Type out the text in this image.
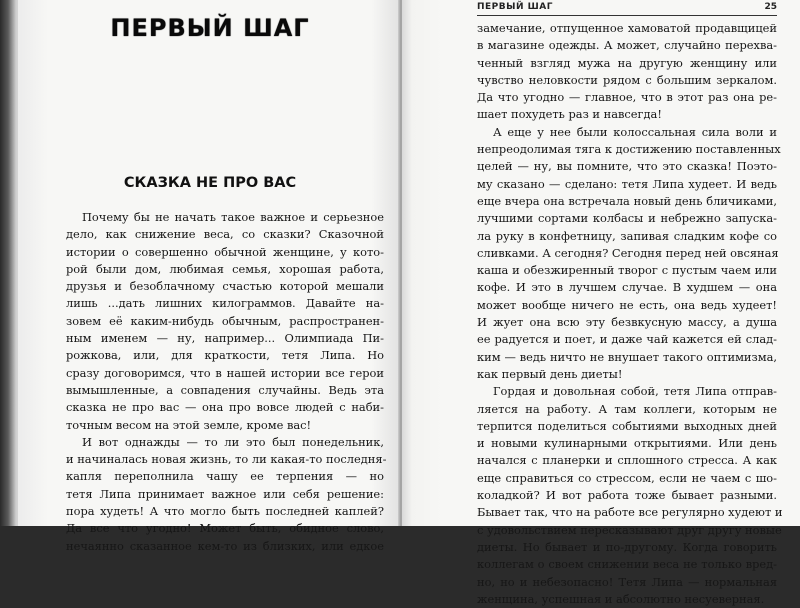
ПЕРВЫЙ ШАГ
СКАЗКА НЕ ПРО ВАС
Почему бы не начать такое важное и серьезное
дело, как снижение веса, со сказки? Сказочной
истории о совершенно обычной женщине, у кото-
рой были дом, любимая семья, хорошая работа,
друзья и безоблачному счастью которой мешали
лишь ...дать лишних килограммов. Давайте на-
зовем её каким-нибудь обычным, распространен-
ным именем — ну, например... Олимпиада Пи-
рожкова, или, для краткости, тетя Липа. Но
сразу договоримся, что в нашей истории все герои
вымышленные, а совпадения случайны. Ведь эта
сказка не про вас — она про вовсе людей с наби-
точным весом на этой земле, кроме вас!
И вот однажды — то ли это был понедельник,
и начиналась новая жизнь, то ли какая-то последня-
капля переполнила чашу ее терпения — но
тетя Липа принимает важное или себя решение:
пора худеть! А что могло быть последней каплей?
Да все что угодно! Может быть, обидное слово,
нечаянно сказанное кем-то из близких, или едкое
ПЕРВЫЙ ШАГ	25
замечание, отпущенное хамоватой продавщицей
в магазине одежды. А может, случайно перехва-
ченный взгляд мужа на другую женщину или
чувство неловкости рядом с большим зеркалом.
Да что угодно — главное, что в этот раз она ре-
шает похудеть раз и навсегда!
А еще у нее были колоссальная сила воли и
непреодолимая тяга к достижению поставленных
целей — ну, вы помните, что это сказка! Поэто-
му сказано — сделано: тетя Липа худеет. И ведь
еще вчера она встречала новый день бличиками,
лучшими сортами колбасы и небрежно запуска-
ла руку в конфетницу, запивая сладким кофе со
сливками. А сегодня? Сегодня перед ней овсяная
каша и обезжиренный творог с пустым чаем или
кофе. И это в лучшем случае. В худшем — она
может вообще ничего не есть, она ведь худеет!
И жует она всю эту безвкусную массу, а душа
ее радуется и поет, и даже чай кажется ей слад-
ким — ведь ничто не внушает такого оптимизма,
как первый день диеты!
Гордая и довольная собой, тетя Липа отправ-
ляется на работу. А там коллеги, которым не
терпится поделиться событиями выходных дней
и новыми кулинарными открытиями. Или день
начался с планерки и сплошного стресса. А как
еще справиться со стрессом, если не чаем с шо-
коладкой? И вот работа тоже бывает разными.
Бывает так, что на работе все регулярно худеют и
с удовольствием пересказывают друг другу новые
диеты. Но бывает и по-другому. Когда говорить
коллегам о своем снижении веса не только вред-
но, но и небезопасно! Тетя Липа — нормальная
женщина, успешная и абсолютно несуеверная.
